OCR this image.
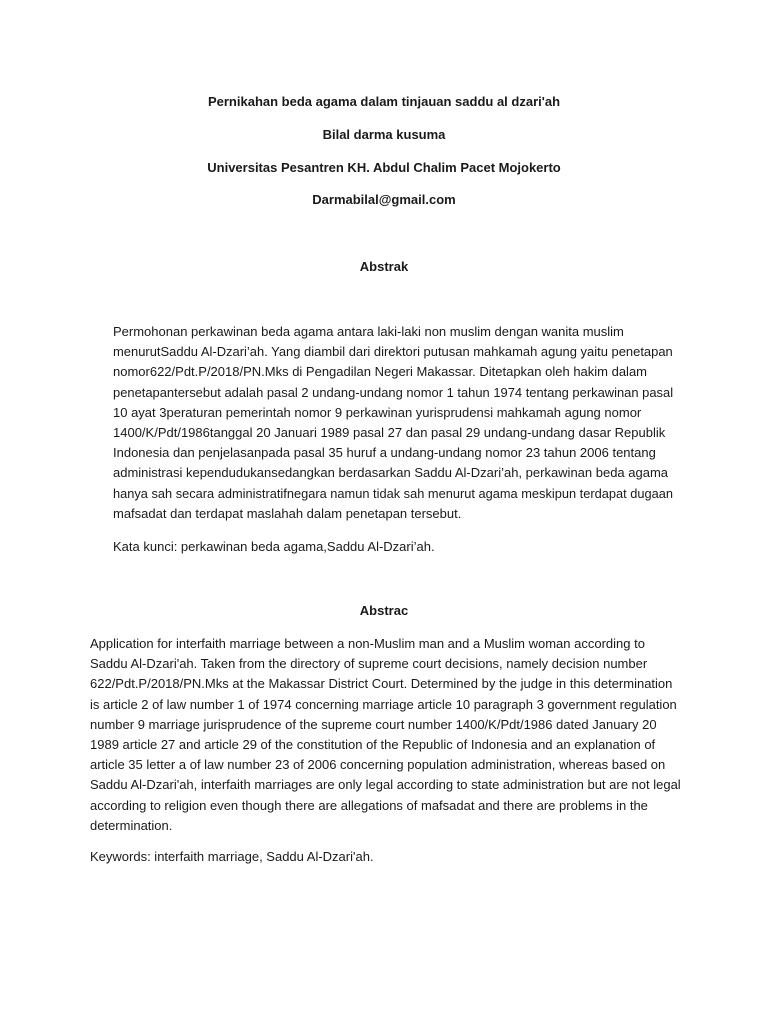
Pernikahan beda agama dalam tinjauan saddu al dzari'ah
Bilal darma kusuma
Universitas Pesantren KH. Abdul Chalim Pacet Mojokerto
Darmabilal@gmail.com
Abstrak
Permohonan perkawinan beda agama antara laki-laki non muslim dengan wanita muslim
menurutSaddu Al-Dzari’ah. Yang diambil dari direktori putusan mahkamah agung yaitu penetapan
nomor622/Pdt.P/2018/PN.Mks di Pengadilan Negeri Makassar. Ditetapkan oleh hakim dalam
penetapantersebut adalah pasal 2 undang-undang nomor 1 tahun 1974 tentang perkawinan pasal
10 ayat 3peraturan pemerintah nomor 9 perkawinan yurisprudensi mahkamah agung nomor
1400/K/Pdt/1986tanggal 20 Januari 1989 pasal 27 dan pasal 29 undang-undang dasar Republik
Indonesia dan penjelasanpada pasal 35 huruf a undang-undang nomor 23 tahun 2006 tentang
administrasi kependudukansedangkan berdasarkan Saddu Al-Dzari’ah, perkawinan beda agama
hanya sah secara administratifnegara namun tidak sah menurut agama meskipun terdapat dugaan
mafsadat dan terdapat maslahah dalam penetapan tersebut.
Kata kunci: perkawinan beda agama,Saddu Al-Dzari’ah.
Abstrac
Application for interfaith marriage between a non-Muslim man and a Muslim woman according to
Saddu Al-Dzari'ah. Taken from the directory of supreme court decisions, namely decision number
622/Pdt.P/2018/PN.Mks at the Makassar District Court. Determined by the judge in this determination
is article 2 of law number 1 of 1974 concerning marriage article 10 paragraph 3 government regulation
number 9 marriage jurisprudence of the supreme court number 1400/K/Pdt/1986 dated January 20
1989 article 27 and article 29 of the constitution of the Republic of Indonesia and an explanation of
article 35 letter a of law number 23 of 2006 concerning population administration, whereas based on
Saddu Al-Dzari'ah, interfaith marriages are only legal according to state administration but are not legal
according to religion even though there are allegations of mafsadat and there are problems in the
determination.
Keywords: interfaith marriage, Saddu Al-Dzari'ah.
